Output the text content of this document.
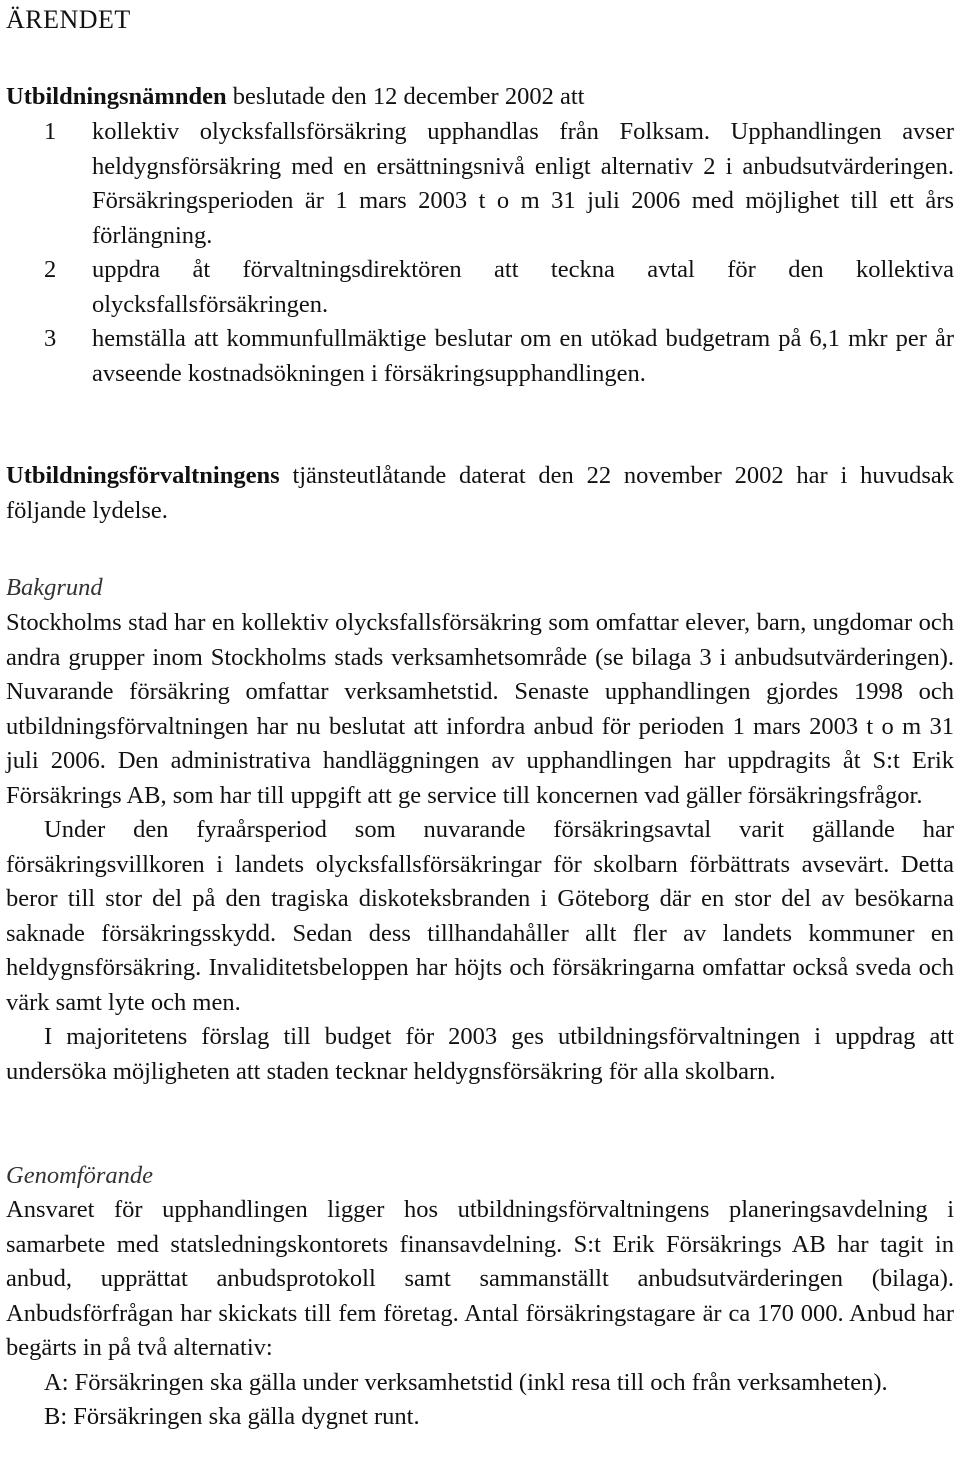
ÄRENDET
Utbildningsnämnden beslutade den 12 december 2002 att
1	kollektiv olycksfallsförsäkring upphandlas från Folksam. Upphandlingen avser heldygnsförsäkring med en ersättningsnivå enligt alternativ 2 i anbudsutvärderingen. Försäkringsperioden är 1 mars 2003 t o m 31 juli 2006 med möjlighet till ett års förlängning.
2	uppdra åt förvaltningsdirektören att teckna avtal för den kollektiva olycksfallsförsäkringen.
3	hemställa att kommunfullmäktige beslutar om en utökad budgetram på 6,1 mkr per år avseende kostnadsökningen i försäkringsupphandlingen.
Utbildningsförvaltningens tjänsteutlåtande daterat den 22 november 2002 har i huvudsak följande lydelse.
Bakgrund

Stockholms stad har en kollektiv olycksfallsförsäkring som omfattar elever, barn, ungdomar och andra grupper inom Stockholms stads verksamhetsområde (se bilaga 3 i anbudsutvärderingen). Nuvarande försäkring omfattar verksamhetstid. Senaste upphandlingen gjordes 1998 och utbildningsförvaltningen har nu beslutat att infordra anbud för perioden 1 mars 2003 t o m 31 juli 2006. Den administrativa handläggningen av upphandlingen har uppdragits åt S:t Erik Försäkrings AB, som har till uppgift att ge service till koncernen vad gäller försäkringsfrågor.

Under den fyraårsperiod som nuvarande försäkringsavtal varit gällande har försäkringsvillkoren i landets olycksfallsförsäkringar för skolbarn förbättrats avsevärt. Detta beror till stor del på den tragiska diskoteksbranden i Göteborg där en stor del av besökarna saknade försäkringsskydd. Sedan dess tillhandahåller allt fler av landets kommuner en heldygnsförsäkring. Invaliditetsbeloppen har höjts och försäkringarna omfattar också sveda och värk samt lyte och men.

I majoritetens förslag till budget för 2003 ges utbildningsförvaltningen i uppdrag att undersöka möjligheten att staden tecknar heldygnsförsäkring för alla skolbarn.

Genomförande

Ansvaret för upphandlingen ligger hos utbildningsförvaltningens planeringsavdelning i samarbete med statsledningskontorets finansavdelning. S:t Erik Försäkrings AB har tagit in anbud, upprättat anbudsprotokoll samt sammanställt anbudsutvärderingen (bilaga). Anbudsförfrågan har skickats till fem företag. Antal försäkringstagare är ca 170 000. Anbud har begärts in på två alternativ:

A: Försäkringen ska gälla under verksamhetstid (inkl resa till och från verksamheten).

B: Försäkringen ska gälla dygnet runt.
